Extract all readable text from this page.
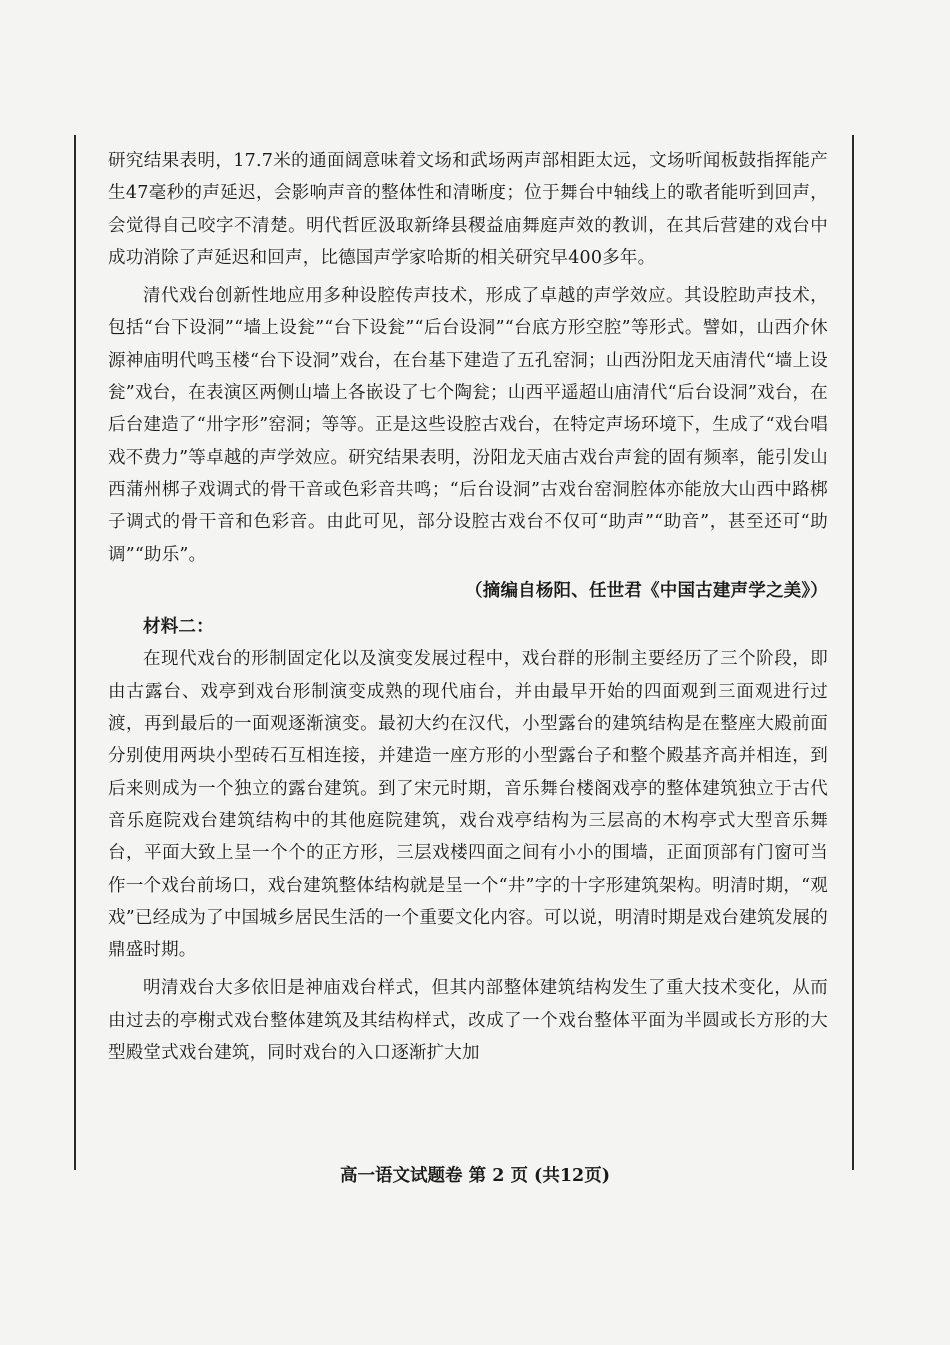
研究结果表明，17.7米的通面阔意味着文场和武场两声部相距太远，文场听闻板鼓指挥能产生47毫秒的声延迟，会影响声音的整体性和清晰度；位于舞台中轴线上的歌者能听到回声，会觉得自己咬字不清楚。明代哲匠汲取新绛县稷益庙舞庭声效的教训，在其后营建的戏台中成功消除了声延迟和回声，比德国声学家哈斯的相关研究早400多年。

清代戏台创新性地应用多种设腔传声技术，形成了卓越的声学效应。其设腔助声技术，包括“台下设洞”“墙上设瓮”“台下设瓮”“后台设洞”“台底方形空腔”等形式。譬如，山西介休源神庙明代鸣玉楼“台下设洞”戏台，在台基下建造了五孔窑洞；山西汾阳龙天庙清代“墙上设瓮”戏台，在表演区两侧山墙上各嵌设了七个陶瓮；山西平遥超山庙清代“后台设洞”戏台，在后台建造了“卅字形”窑洞；等等。正是这些设腔古戏台，在特定声场环境下，生成了“戏台唱戏不费力”等卓越的声学效应。研究结果表明，汾阳龙天庙古戏台声瓮的固有频率，能引发山西蒲州梆子戏调式的骨干音或色彩音共鸣；“后台设洞”古戏台窑洞腔体亦能放大山西中路梆子调式的骨干音和色彩音。由此可见，部分设腔古戏台不仅可“助声”“助音”，甚至还可“助调”“助乐”。

（摘编自杨阳、任世君《中国古建声学之美》）

材料二：

在现代戏台的形制固定化以及演变发展过程中，戏台群的形制主要经历了三个阶段，即由古露台、戏亭到戏台形制演变成熟的现代庙台，并由最早开始的四面观到三面观进行过渡，再到最后的一面观逐渐演变。最初大约在汉代，小型露台的建筑结构是在整座大殿前面分别使用两块小型砖石互相连接，并建造一座方形的小型露台子和整个殿基齐高并相连，到后来则成为一个独立的露台建筑。到了宋元时期，音乐舞台楼阁戏亭的整体建筑独立于古代音乐庭院戏台建筑结构中的其他庭院建筑，戏台戏亭结构为三层高的木构亭式大型音乐舞台，平面大致上呈一个个的正方形，三层戏楼四面之间有小小的围墙，正面顶部有门窗可当作一个戏台前场口，戏台建筑整体结构就是呈一个“井”字的十字形建筑架构。明清时期，“观戏”已经成为了中国城乡居民生活的一个重要文化内容。可以说，明清时期是戏台建筑发展的鼎盛时期。

明清戏台大多依旧是神庙戏台样式，但其内部整体建筑结构发生了重大技术变化，从而由过去的亭榭式戏台整体建筑及其结构样式，改成了一个戏台整体平面为半圆或长方形的大型殿堂式戏台建筑，同时戏台的入口逐渐扩大加

高一语文试题卷 第 2 页 (共12页)
